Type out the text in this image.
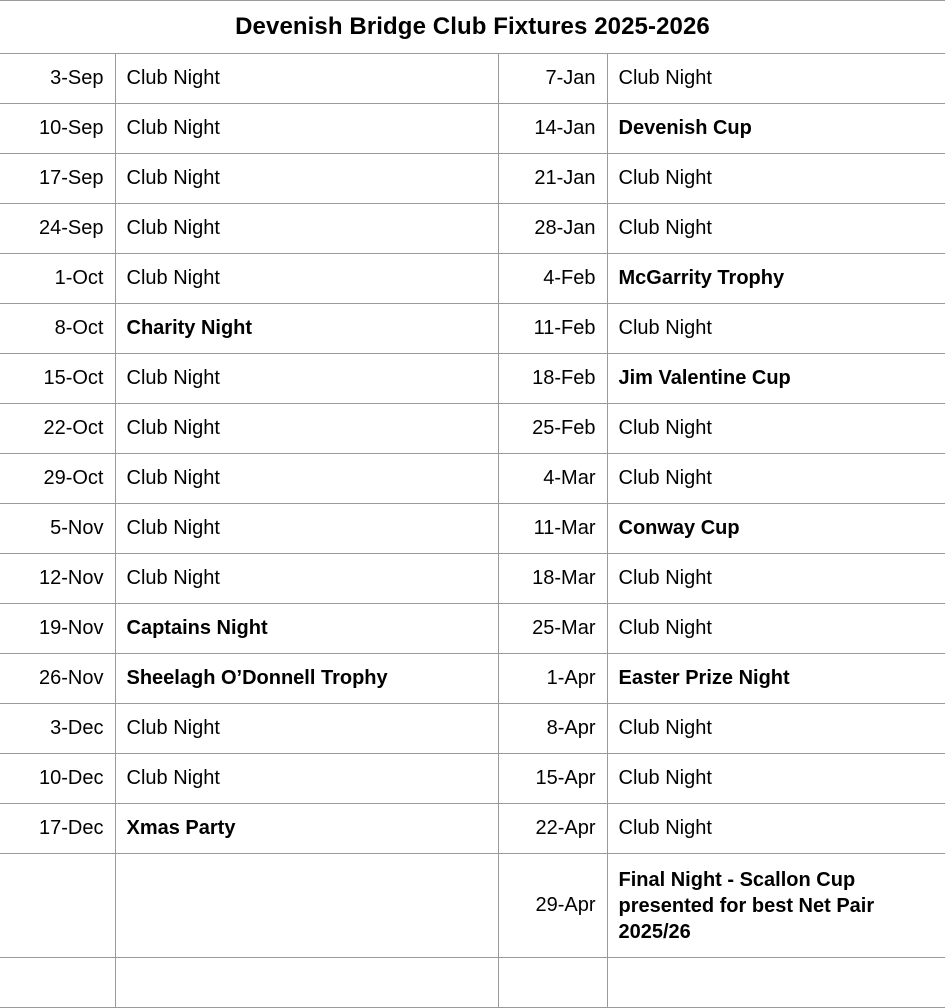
Devenish Bridge Club Fixtures 2025-2026			
3-Sep	Club Night	7-Jan	Club Night
10-Sep	Club Night	14-Jan	Devenish Cup
17-Sep	Club Night	21-Jan	Club Night
24-Sep	Club Night	28-Jan	Club Night
1-Oct	Club Night	4-Feb	McGarrity Trophy
8-Oct	Charity Night	11-Feb	Club Night
15-Oct	Club Night	18-Feb	Jim Valentine Cup
22-Oct	Club Night	25-Feb	Club Night
29-Oct	Club Night	4-Mar	Club Night
5-Nov	Club Night	11-Mar	Conway Cup
12-Nov	Club Night	18-Mar	Club Night
19-Nov	Captains Night	25-Mar	Club Night
26-Nov	Sheelagh O’Donnell Trophy	1-Apr	Easter Prize Night
3-Dec	Club Night	8-Apr	Club Night
10-Dec	Club Night	15-Apr	Club Night
17-Dec	Xmas Party	22-Apr	Club Night
		29-Apr	Final Night - Scallon Cup presented for best Net Pair 2025/26
